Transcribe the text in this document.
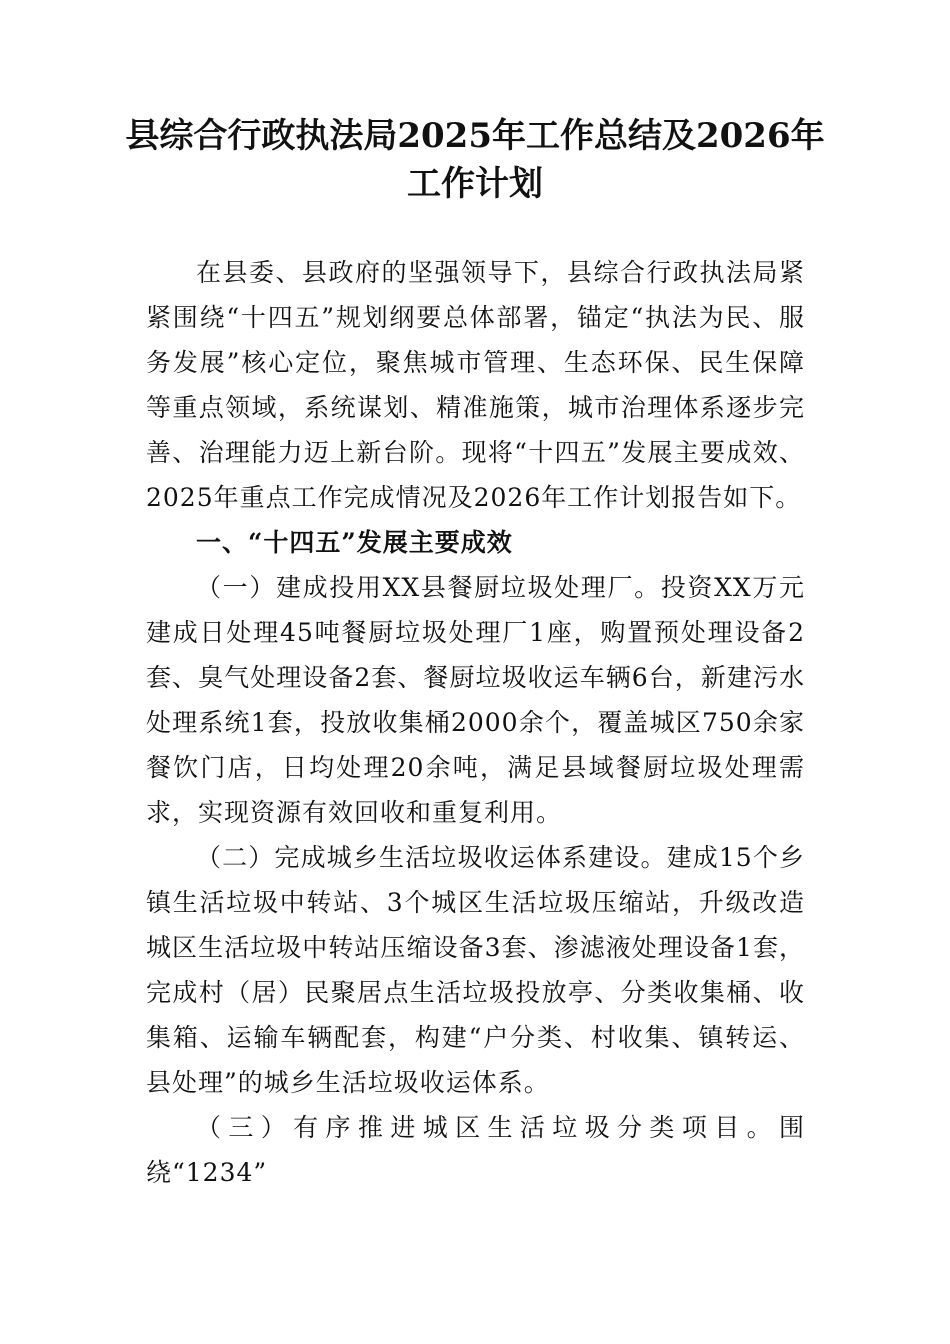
县综合行政执法局2025年工作总结及2026年工作计划

在县委、县政府的坚强领导下，县综合行政执法局紧紧围绕“十四五”规划纲要总体部署，锚定“执法为民、服务发展”核心定位，聚焦城市管理、生态环保、民生保障等重点领域，系统谋划、精准施策，城市治理体系逐步完善、治理能力迈上新台阶。现将“十四五”发展主要成效、2025年重点工作完成情况及2026年工作计划报告如下。

一、“十四五”发展主要成效

（一）建成投用XX县餐厨垃圾处理厂。投资XX万元建成日处理45吨餐厨垃圾处理厂1座，购置预处理设备2套、臭气处理设备2套、餐厨垃圾收运车辆6台，新建污水处理系统1套，投放收集桶2000余个，覆盖城区750余家餐饮门店，日均处理20余吨，满足县域餐厨垃圾处理需求，实现资源有效回收和重复利用。

（二）完成城乡生活垃圾收运体系建设。建成15个乡镇生活垃圾中转站、3个城区生活垃圾压缩站，升级改造城区生活垃圾中转站压缩设备3套、渗滤液处理设备1套，完成村（居）民聚居点生活垃圾投放亭、分类收集桶、收集箱、运输车辆配套，构建“户分类、村收集、镇转运、县处理”的城乡生活垃圾收运体系。

（三）有序推进城区生活垃圾分类项目。围绕“1234”
